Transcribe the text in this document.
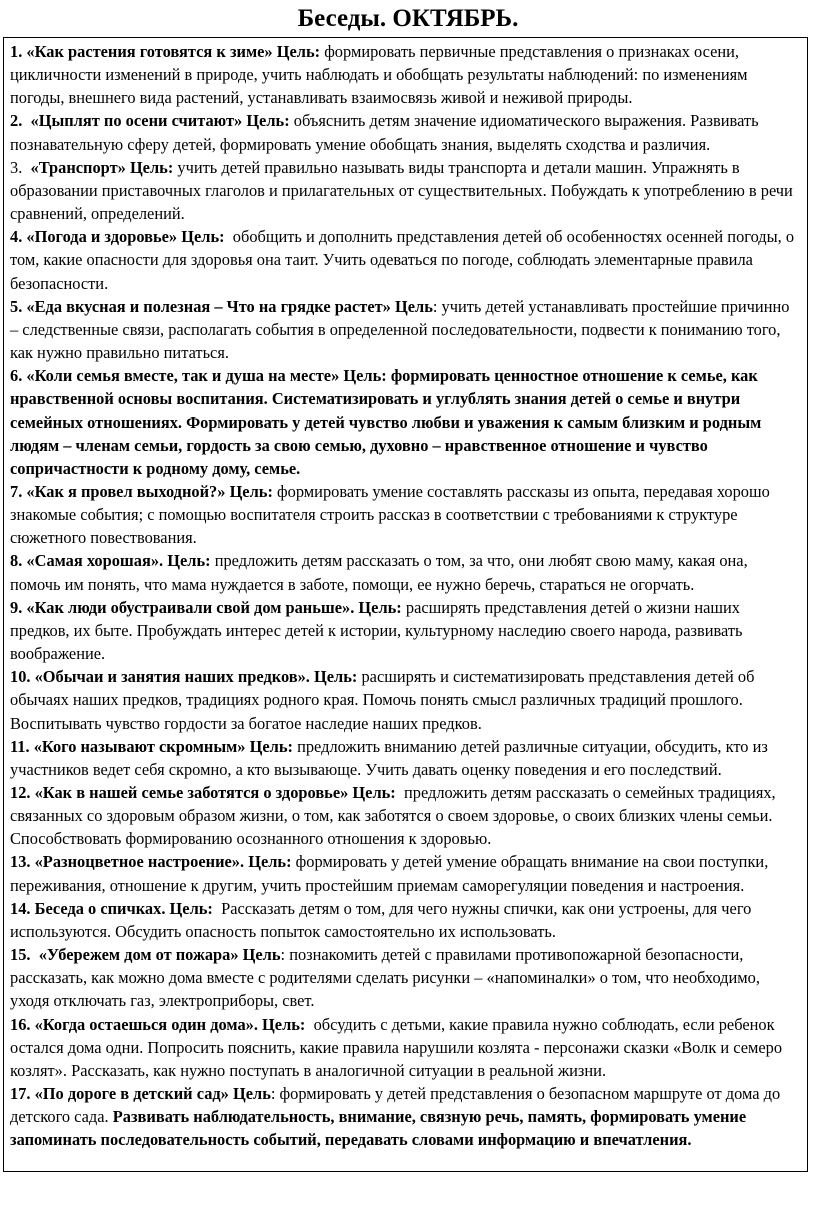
Беседы. ОКТЯБРЬ.

1. «Как растения готовятся к зиме» Цель: формировать первичные представления о признаках осени, цикличности изменений в природе, учить наблюдать и обобщать результаты наблюдений: по изменениям погоды, внешнего вида растений, устанавливать взаимосвязь живой и неживой природы.

2. «Цыплят по осени считают» Цель: объяснить детям значение идиоматического выражения. Развивать познавательную сферу детей, формировать умение обобщать знания, выделять сходства и различия.

3. «Транспорт» Цель: учить детей правильно называть виды транспорта и детали машин. Упражнять в образовании приставочных глаголов и прилагательных от существительных. Побуждать к употреблению в речи сравнений, определений.

4. «Погода и здоровье» Цель: обобщить и дополнить представления детей об особенностях осенней погоды, о том, какие опасности для здоровья она таит. Учить одеваться по погоде, соблюдать элементарные правила безопасности.

5. «Еда вкусная и полезная – Что на грядке растет» Цель: учить детей устанавливать простейшие причинно – следственные связи, располагать события в определенной последовательности, подвести к пониманию того, как нужно правильно питаться.

6. «Коли семья вместе, так и душа на месте» Цель: формировать ценностное отношение к семье, как нравственной основы воспитания. Систематизировать и углублять знания детей о семье и внутри семейных отношениях. Формировать у детей чувство любви и уважения к самым близким и родным людям – членам семьи, гордость за свою семью, духовно – нравственное отношение и чувство сопричастности к родному дому, семье.

7. «Как я провел выходной?» Цель: формировать умение составлять рассказы из опыта, передавая хорошо знакомые события; с помощью воспитателя строить рассказ в соответствии с требованиями к структуре сюжетного повествования.

8. «Самая хорошая». Цель: предложить детям рассказать о том, за что, они любят свою маму, какая она, помочь им понять, что мама нуждается в заботе, помощи, ее нужно беречь, стараться не огорчать.

9. «Как люди обустраивали свой дом раньше». Цель: расширять представления детей о жизни наших предков, их быте. Пробуждать интерес детей к истории, культурному наследию своего народа, развивать воображение.

10. «Обычаи и занятия наших предков». Цель: расширять и систематизировать представления детей об обычаях наших предков, традициях родного края. Помочь понять смысл различных традиций прошлого. Воспитывать чувство гордости за богатое наследие наших предков.

11. «Кого называют скромным» Цель: предложить вниманию детей различные ситуации, обсудить, кто из участников ведет себя скромно, а кто вызывающе. Учить давать оценку поведения и его последствий.

12. «Как в нашей семье заботятся о здоровье» Цель: предложить детям рассказать о семейных традициях, связанных со здоровым образом жизни, о том, как заботятся о своем здоровье, о своих близких члены семьи. Способствовать формированию осознанного отношения к здоровью.

13. «Разноцветное настроение». Цель: формировать у детей умение обращать внимание на свои поступки, переживания, отношение к другим, учить простейшим приемам саморегуляции поведения и настроения.

14. Беседа о спичках. Цель: Рассказать детям о том, для чего нужны спички, как они устроены, для чего используются. Обсудить опасность попыток самостоятельно их использовать.

15. «Убережем дом от пожара» Цель: познакомить детей с правилами противопожарной безопасности, рассказать, как можно дома вместе с родителями сделать рисунки – «напоминалки» о том, что необходимо, уходя отключать газ, электроприборы, свет.

16. «Когда остаешься один дома». Цель: обсудить с детьми, какие правила нужно соблюдать, если ребенок остался дома одни. Попросить пояснить, какие правила нарушили козлята - персонажи сказки «Волк и семеро козлят». Рассказать, как нужно поступать в аналогичной ситуации в реальной жизни.

17. «По дороге в детский сад» Цель: формировать у детей представления о безопасном маршруте от дома до детского сада. Развивать наблюдательность, внимание, связную речь, память, формировать умение запоминать последовательность событий, передавать словами информацию и впечатления.
